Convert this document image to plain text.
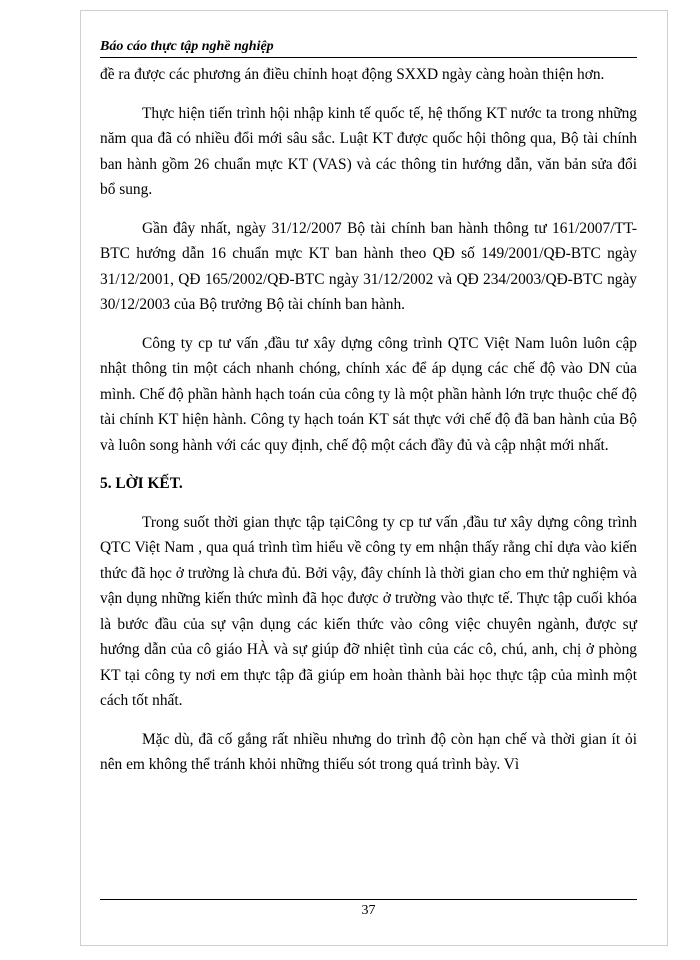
Báo cáo thực tập nghề nghiệp

đề ra được các phương án điều chỉnh hoạt động SXXD ngày càng hoàn thiện hơn.

Thực hiện tiến trình hội nhập kinh tế quốc tế, hệ thống KT nước ta trong những năm qua đã có nhiều đổi mới sâu sắc. Luật KT được quốc hội thông qua, Bộ tài chính ban hành gồm 26 chuẩn mực KT (VAS) và các thông tin hướng dẫn, văn bản sửa đổi bổ sung.

Gần đây nhất, ngày 31/12/2007 Bộ tài chính ban hành thông tư 161/2007/TT-BTC hướng dẫn 16 chuẩn mực KT ban hành theo QĐ số 149/2001/QĐ-BTC ngày 31/12/2001, QĐ 165/2002/QĐ-BTC ngày 31/12/2002 và QĐ 234/2003/QĐ-BTC ngày 30/12/2003 của Bộ trưởng Bộ tài chính ban hành.

Công ty cp tư vấn ,đầu tư xây dựng công trình QTC Việt Nam luôn luôn cập nhật thông tin một cách nhanh chóng, chính xác để áp dụng các chế độ vào DN của mình. Chế độ phần hành hạch toán của công ty là một phần hành lớn trực thuộc chế độ tài chính KT hiện hành. Công ty hạch toán KT sát thực với chế độ đã ban hành của Bộ và luôn song hành với các quy định, chế độ một cách đầy đủ và cập nhật mới nhất.

5. LỜI KẾT.

Trong suốt thời gian thực tập tạiCông ty cp tư vấn ,đầu tư xây dựng công trình QTC Việt Nam , qua quá trình tìm hiểu về công ty em nhận thấy rằng chỉ dựa vào kiến thức đã học ở trường là chưa đủ. Bởi vậy, đây chính là thời gian cho em thử nghiệm và vận dụng những kiến thức mình đã học được ở trường vào thực tế. Thực tập cuối khóa là bước đầu của sự vận dụng các kiến thức vào công việc chuyên ngành, được sự hướng dẫn của cô giáo HÀ và sự giúp đỡ nhiệt tình của các cô, chú, anh, chị ở phòng KT tại công ty nơi em thực tập đã giúp em hoàn thành bài học thực tập của mình một cách tốt nhất.

Mặc dù, đã cố gắng rất nhiều nhưng do trình độ còn hạn chế và thời gian ít ỏi nên em không thể tránh khỏi những thiếu sót trong quá trình bày. Vì

37
